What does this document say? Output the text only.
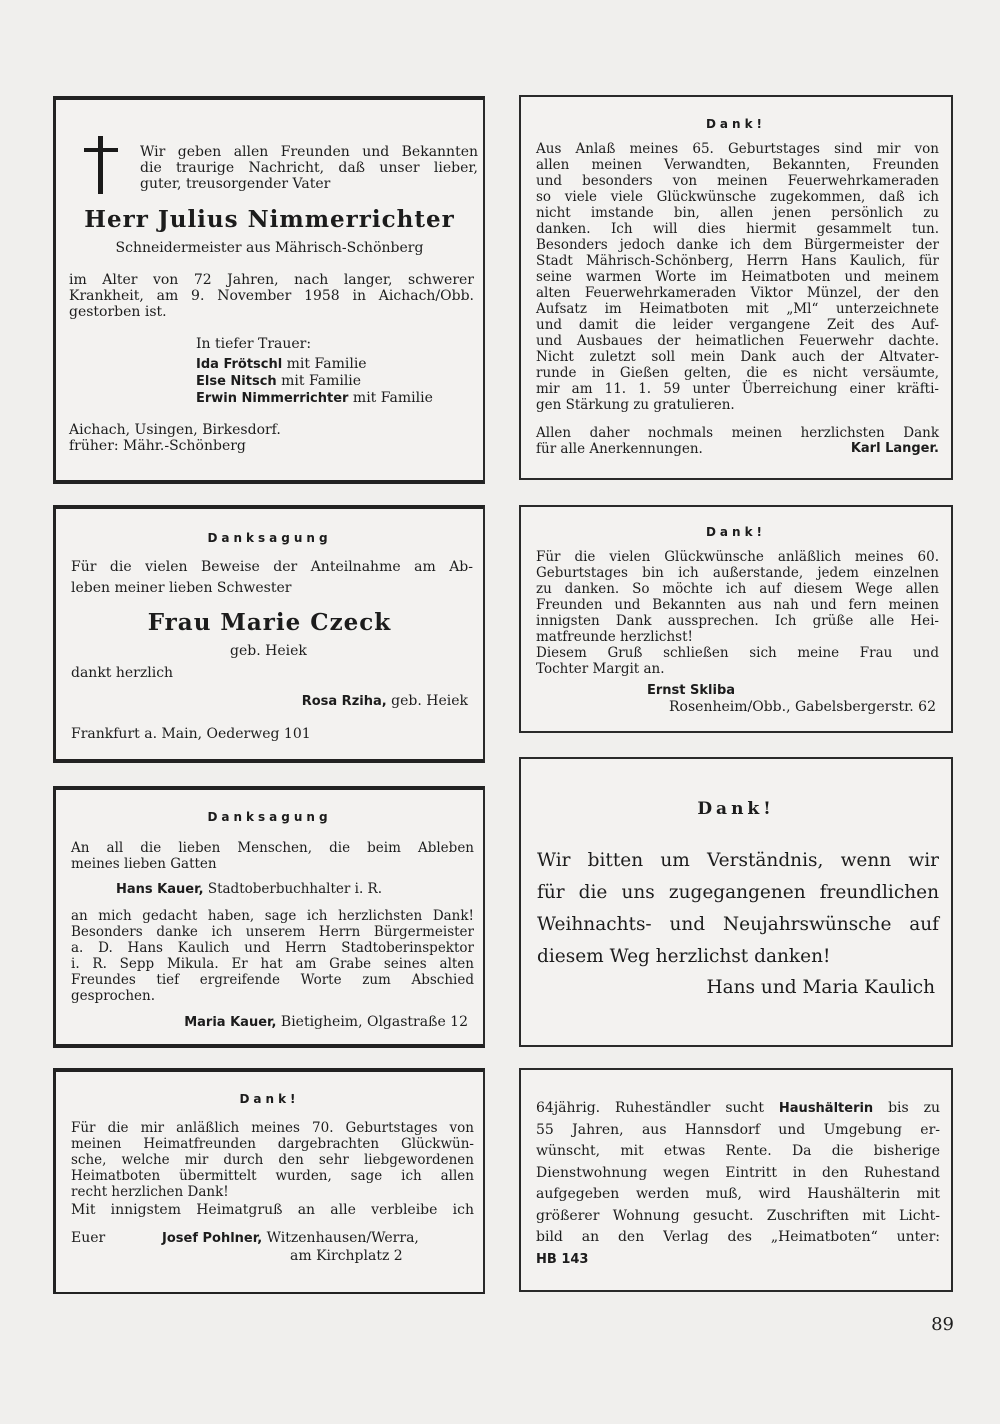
Wir geben allen Freunden und Bekannten
die traurige Nachricht, daß unser lieber,
guter, treusorgender Vater
Herr Julius Nimmerrichter
Schneidermeister aus Mährisch-Schönberg
im Alter von 72 Jahren, nach langer, schwerer
Krankheit, am 9. November 1958 in Aichach/Obb.
gestorben ist.
In tiefer Trauer:
Ida Frötschl mit Familie
Else Nitsch mit Familie
Erwin Nimmerrichter mit Familie
Aichach, Usingen, Birkesdorf.
früher: Mähr.-Schönberg
Dank!
Aus Anlaß meines 65. Geburtstages sind mir von
allen meinen Verwandten, Bekannten, Freunden
und besonders von meinen Feuerwehrkameraden
so viele viele Glückwünsche zugekommen, daß ich
nicht imstande bin, allen jenen persönlich zu
danken. Ich will dies hiermit gesammelt tun.
Besonders jedoch danke ich dem Bürgermeister der
Stadt Mährisch-Schönberg, Herrn Hans Kaulich, für
seine warmen Worte im Heimatboten und meinem
alten Feuerwehrkameraden Viktor Münzel, der den
Aufsatz im Heimatboten mit „Ml“ unterzeichnete
und damit die leider vergangene Zeit des Auf-
und Ausbaues der heimatlichen Feuerwehr dachte.
Nicht zuletzt soll mein Dank auch der Altvater-
runde in Gießen gelten, die es nicht versäumte,
mir am 11. 1. 59 unter Überreichung einer kräfti-
gen Stärkung zu gratulieren.
Allen daher nochmals meinen herzlichsten Dank
für alle Anerkennungen.	Karl Langer.
Danksagung
Für die vielen Beweise der Anteilnahme am Ab-
leben meiner lieben Schwester
Frau Marie Czeck
geb. Heiek
dankt herzlich
Rosa Rziha, geb. Heiek
Frankfurt a. Main, Oederweg 101
Dank!
Für die vielen Glückwünsche anläßlich meines 60.
Geburtstages bin ich außerstande, jedem einzelnen
zu danken. So möchte ich auf diesem Wege allen
Freunden und Bekannten aus nah und fern meinen
innigsten Dank aussprechen. Ich grüße alle Hei-
matfreunde herzlichst!
Diesem Gruß schließen sich meine Frau und
Tochter Margit an.
Ernst Skliba
Rosenheim/Obb., Gabelsbergerstr. 62
Danksagung
An all die lieben Menschen, die beim Ableben
meines lieben Gatten
Hans Kauer, Stadtoberbuchhalter i. R.
an mich gedacht haben, sage ich herzlichsten Dank!
Besonders danke ich unserem Herrn Bürgermeister
a. D. Hans Kaulich und Herrn Stadtoberinspektor
i. R. Sepp Mikula. Er hat am Grabe seines alten
Freundes tief ergreifende Worte zum Abschied
gesprochen.
Maria Kauer, Bietigheim, Olgastraße 12
Dank!
Wir bitten um Verständnis, wenn wir
für die uns zugegangenen freundlichen
Weihnachts- und Neujahrswünsche auf
diesem Weg herzlichst danken!
Hans und Maria Kaulich
Dank!
Für die mir anläßlich meines 70. Geburtstages von
meinen Heimatfreunden dargebrachten Glückwün-
sche, welche mir durch den sehr liebgewordenen
Heimatboten übermittelt wurden, sage ich allen
recht herzlichen Dank!
Mit innigstem Heimatgruß an alle verbleibe ich
Euer	Josef Pohlner, Witzenhausen/Werra,
am Kirchplatz 2
64jährig. Ruheständler sucht Haushälterin bis zu
55 Jahren, aus Hannsdorf und Umgebung er-
wünscht, mit etwas Rente. Da die bisherige
Dienstwohnung wegen Eintritt in den Ruhestand
aufgegeben werden muß, wird Haushälterin mit
größerer Wohnung gesucht. Zuschriften mit Licht-
bild an den Verlag des „Heimatboten“ unter:
HB 143
89
